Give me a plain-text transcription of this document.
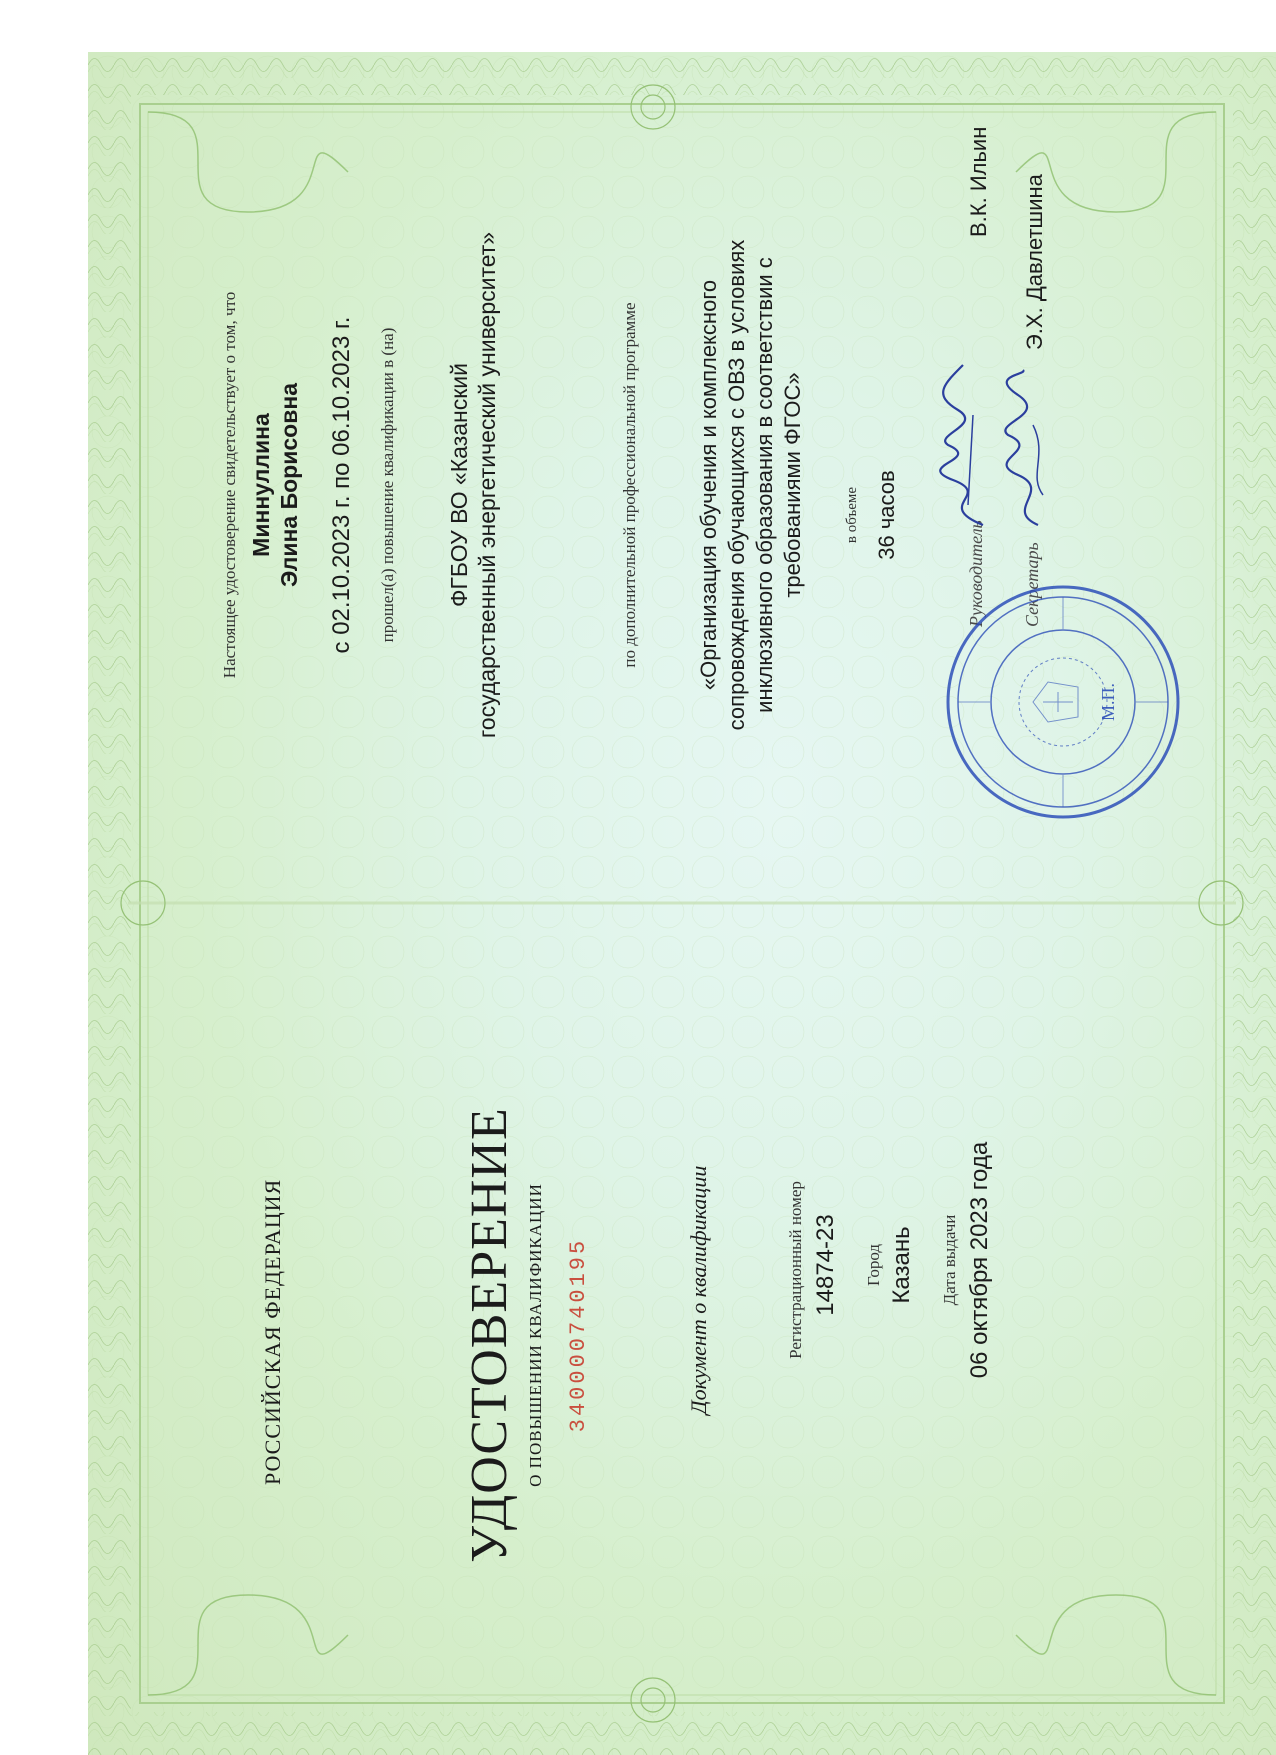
РОССИЙСКАЯ ФЕДЕРАЦИЯ	УДОСТОВЕРЕНИЕ О ПОВЫШЕНИИ КВАЛИФИКАЦИИ 340000740195	Документ о квалификации	Регистрационный номер 14874-23 Город Казань Дата выдачи 06 октября 2023 года
Настоящее удостоверение свидетельствует о том, что Миннуллина Элина Борисовна с 02.10.2023 г. по 06.10.2023 г. прошел(а) повышение квалификации в (на) ФГБОУ ВО «Казанский государственный энергетический университет»	по дополнительной профессиональной программе	«Организация обучения и комплексного сопровождения обучающихся с ОВЗ в условиях инклюзивного образования в соответствии с требованиями ФГОС»	в объеме 36 часов
Руководитель
В.К. Ильин
Секретарь
Э.Х. Давлетшина
М.П.
